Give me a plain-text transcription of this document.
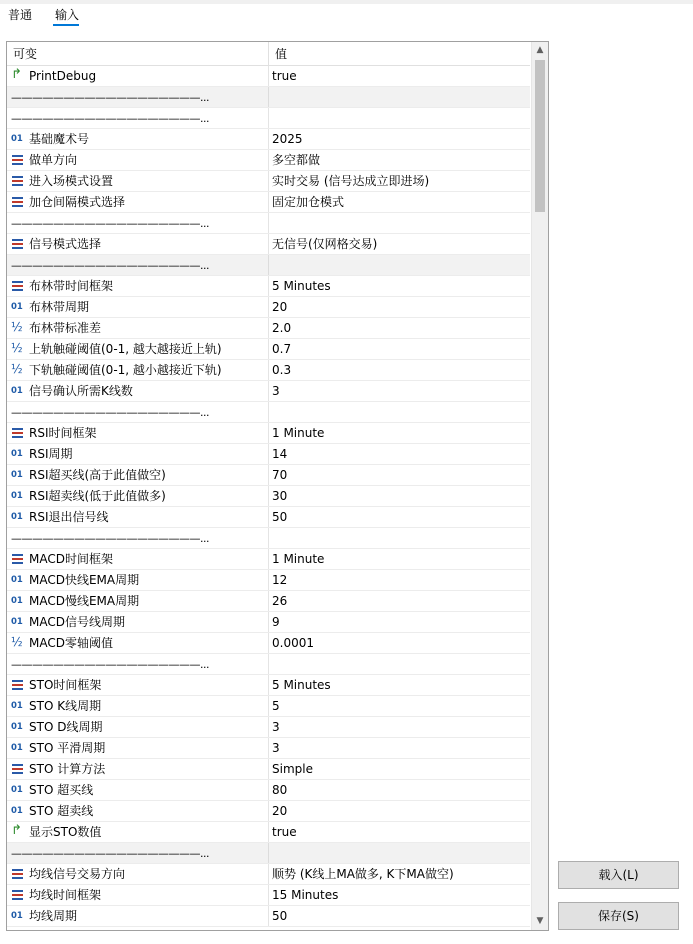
普通 输入
可变	值
↱PrintDebug	true
——————————————————...
——————————————————...
01基础魔术号	2025
做单方向	多空都做
进入场模式设置	实时交易 (信号达成立即进场)
加仓间隔模式选择	固定加仓模式
——————————————————...
信号模式选择	无信号(仅网格交易)
——————————————————...
布林带时间框架	5 Minutes
01布林带周期	20
½布林带标准差	2.0
½上轨触碰阈值(0-1, 越大越接近上轨)	0.7
½下轨触碰阈值(0-1, 越小越接近下轨)	0.3
01信号确认所需K线数	3
——————————————————...
RSI时间框架	1 Minute
01RSI周期	14
01RSI超买线(高于此值做空)	70
01RSI超卖线(低于此值做多)	30
01RSI退出信号线	50
——————————————————...
MACD时间框架	1 Minute
01MACD快线EMA周期	12
01MACD慢线EMA周期	26
01MACD信号线周期	9
½MACD零轴阈值	0.0001
——————————————————...
STO时间框架	5 Minutes
01STO K线周期	5
01STO D线周期	3
01STO 平滑周期	3
STO 计算方法	Simple
01STO 超买线	80
01STO 超卖线	20
↱显示STO数值	true
——————————————————...
均线信号交易方向	顺势 (K线上MA做多, K下MA做空)
均线时间框架	15 Minutes
01均线周期	50
▲
▼
载入(L)
保存(S)
